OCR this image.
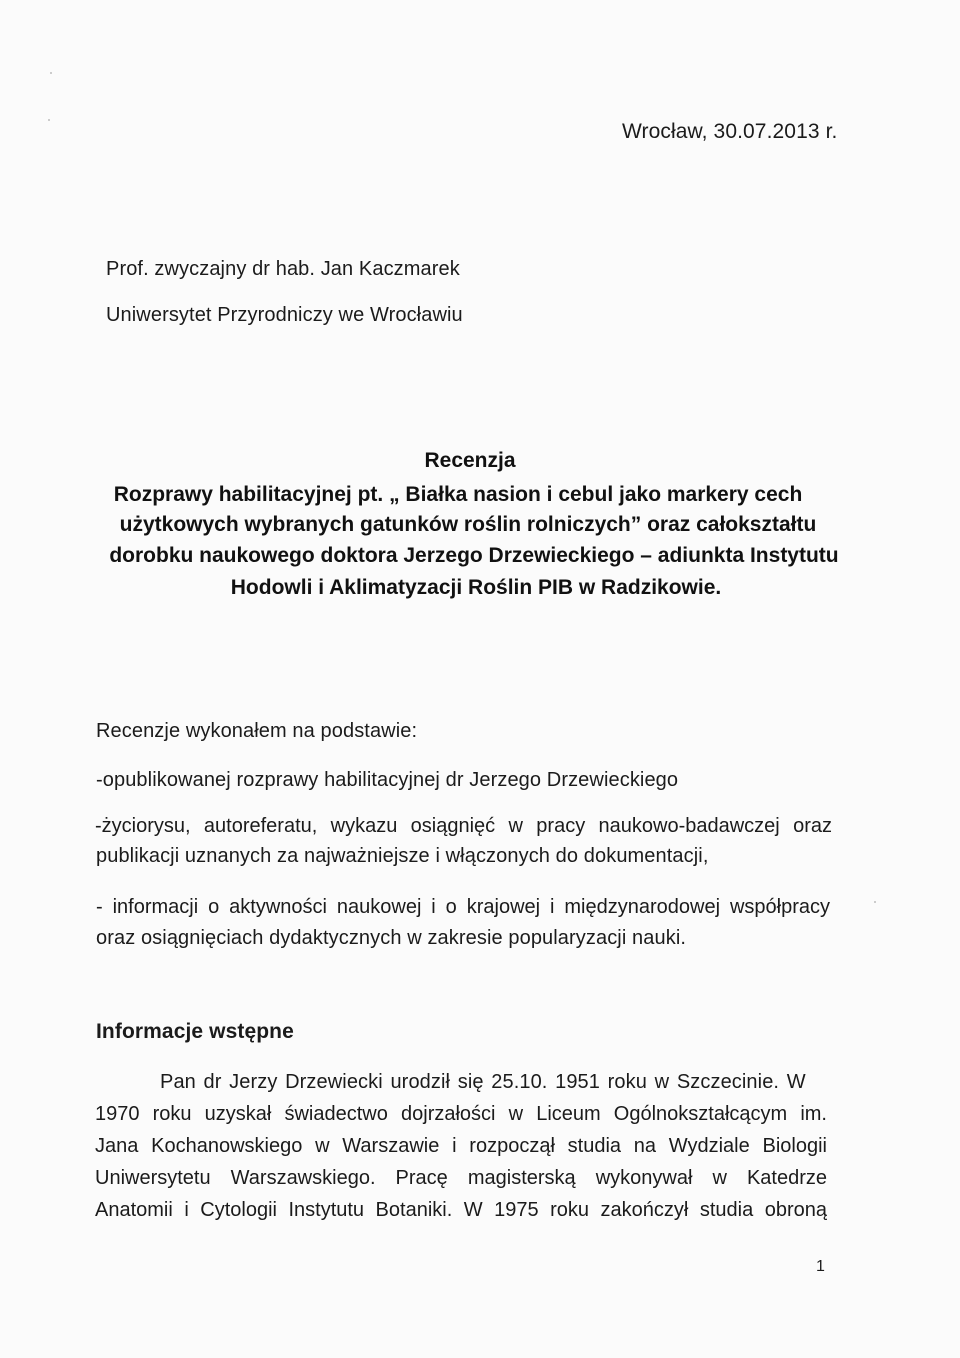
Wrocław, 30.07.2013 r.
Prof. zwyczajny dr hab. Jan Kaczmarek
Uniwersytet Przyrodniczy we Wrocławiu
Recenzja
Rozprawy habilitacyjnej pt. „ Białka nasion i cebul jako markery cech
użytkowych wybranych gatunków roślin rolniczych” oraz całokształtu
dorobku naukowego doktora Jerzego Drzewieckiego – adiunkta Instytutu
Hodowli i Aklimatyzacji Roślin PIB w Radzikowie.
Recenzje wykonałem na podstawie:
-opublikowanej rozprawy habilitacyjnej dr Jerzego Drzewieckiego
-życiorysu, autoreferatu, wykazu osiągnięć w pracy naukowo-badawczej oraz
publikacji uznanych za najważniejsze i włączonych do dokumentacji,
- informacji o aktywności naukowej i o krajowej i międzynarodowej współpracy
oraz osiągnięciach dydaktycznych w zakresie popularyzacji nauki.
Informacje wstępne
Pan dr Jerzy Drzewiecki urodził się 25.10. 1951 roku w Szczecinie. W
1970 roku uzyskał świadectwo dojrzałości w Liceum Ogólnokształcącym im.
Jana Kochanowskiego w Warszawie i rozpoczął studia na Wydziale Biologii
Uniwersytetu Warszawskiego. Pracę magisterską wykonywał w Katedrze
Anatomii i Cytologii Instytutu Botaniki. W 1975 roku zakończył studia obroną
1
